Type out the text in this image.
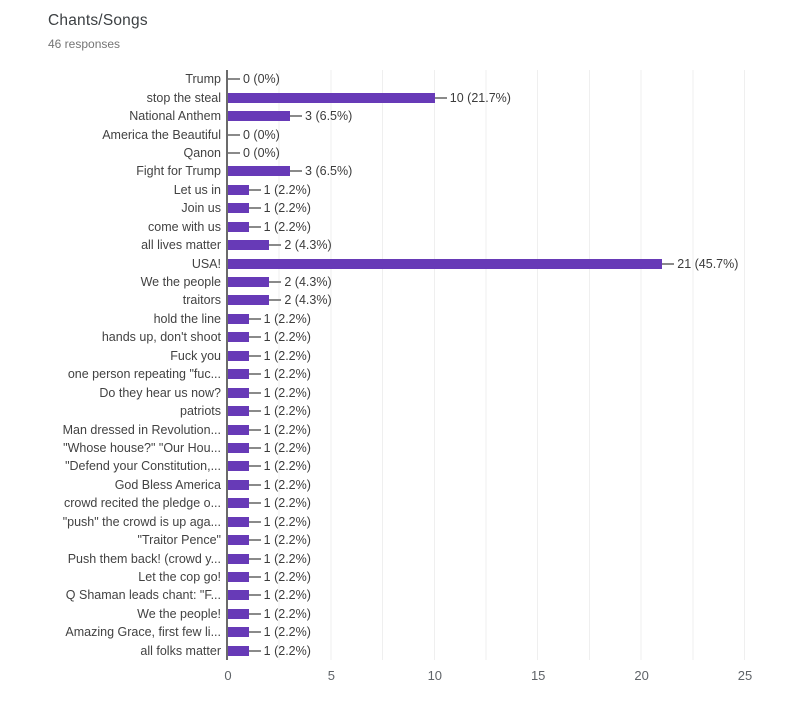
Chants/Songs
46 responses
Trump	0 (0%)
stop the steal	10 (21.7%)
National Anthem	3 (6.5%)
America the Beautiful	0 (0%)
Qanon	0 (0%)
Fight for Trump	3 (6.5%)
Let us in	1 (2.2%)
Join us	1 (2.2%)
come with us	1 (2.2%)
all lives matter	2 (4.3%)
USA!	21 (45.7%)
We the people	2 (4.3%)
traitors	2 (4.3%)
hold the line	1 (2.2%)
hands up, don't shoot	1 (2.2%)
Fuck you	1 (2.2%)
one person repeating "fuc...	1 (2.2%)
Do they hear us now?	1 (2.2%)
patriots	1 (2.2%)
Man dressed in Revolution...	1 (2.2%)
"Whose house?" "Our Hou...	1 (2.2%)
"Defend your Constitution,...	1 (2.2%)
God Bless America	1 (2.2%)
crowd recited the pledge o...	1 (2.2%)
"push" the crowd is up aga...	1 (2.2%)
"Traitor Pence"	1 (2.2%)
Push them back! (crowd y...	1 (2.2%)
Let the cop go!	1 (2.2%)
Q Shaman leads chant: "F...	1 (2.2%)
We the people!	1 (2.2%)
Amazing Grace, first few li...	1 (2.2%)
all folks matter	1 (2.2%)
0	5	10	15	20	25
